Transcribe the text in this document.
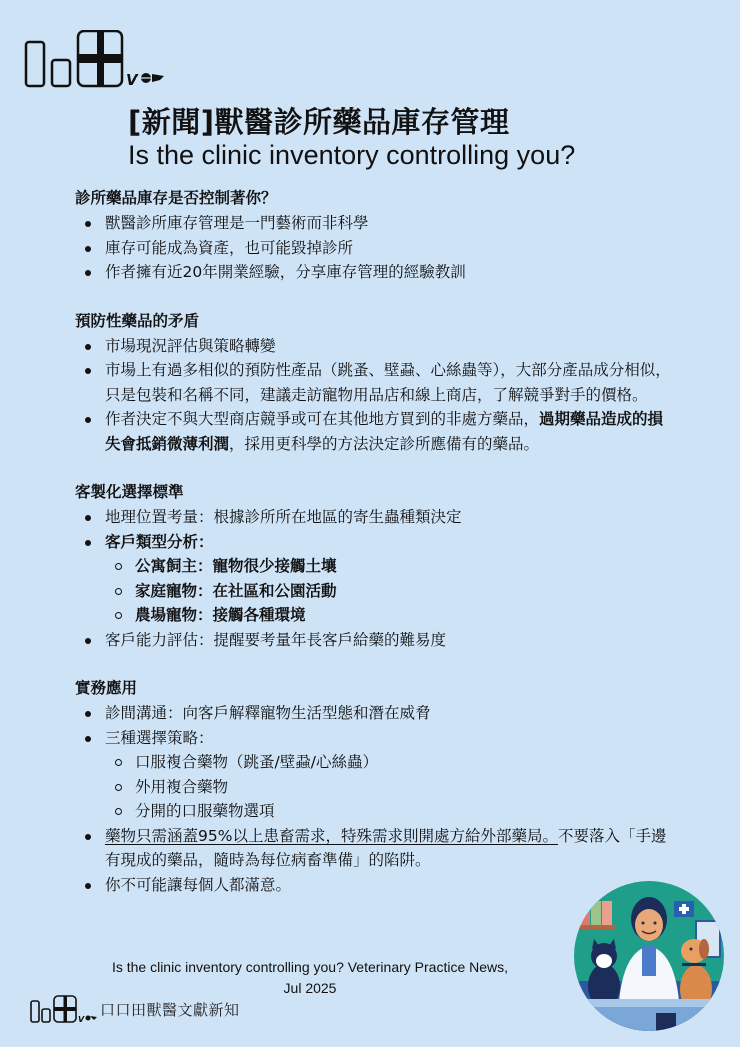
V
[新聞]獸醫診所藥品庫存管理
Is the clinic inventory controlling you?
診所藥品庫存是否控制著你？
獸醫診所庫存管理是一門藝術而非科學
庫存可能成為資產，也可能毀掉診所
作者擁有近20年開業經驗，分享庫存管理的經驗教訓
預防性藥品的矛盾
市場現況評估與策略轉變
市場上有過多相似的預防性產品（跳蚤、壁蝨、心絲蟲等），大部分產品成分相似，只是包裝和名稱不同，建議走訪寵物用品店和線上商店，了解競爭對手的價格。
作者決定不與大型商店競爭或可在其他地方買到的非處方藥品，過期藥品造成的損失會抵銷微薄利潤，採用更科學的方法決定診所應備有的藥品。
客製化選擇標準
地理位置考量：根據診所所在地區的寄生蟲種類決定
客戶類型分析：
公寓飼主：寵物很少接觸土壤
家庭寵物：在社區和公園活動
農場寵物：接觸各種環境
客戶能力評估：提醒要考量年長客戶給藥的難易度
實務應用
診間溝通：向客戶解釋寵物生活型態和潛在威脅
三種選擇策略：
口服複合藥物（跳蚤/壁蝨/心絲蟲）
外用複合藥物
分開的口服藥物選項
藥物只需涵蓋95%以上患畜需求，特殊需求則開處方給外部藥局。不要落入「手邊有現成的藥品，隨時為每位病畜準備」的陷阱。
你不可能讓每個人都滿意。
Is the clinic inventory controlling you? Veterinary Practice News,
Jul 2025
V
口口田獸醫文獻新知
